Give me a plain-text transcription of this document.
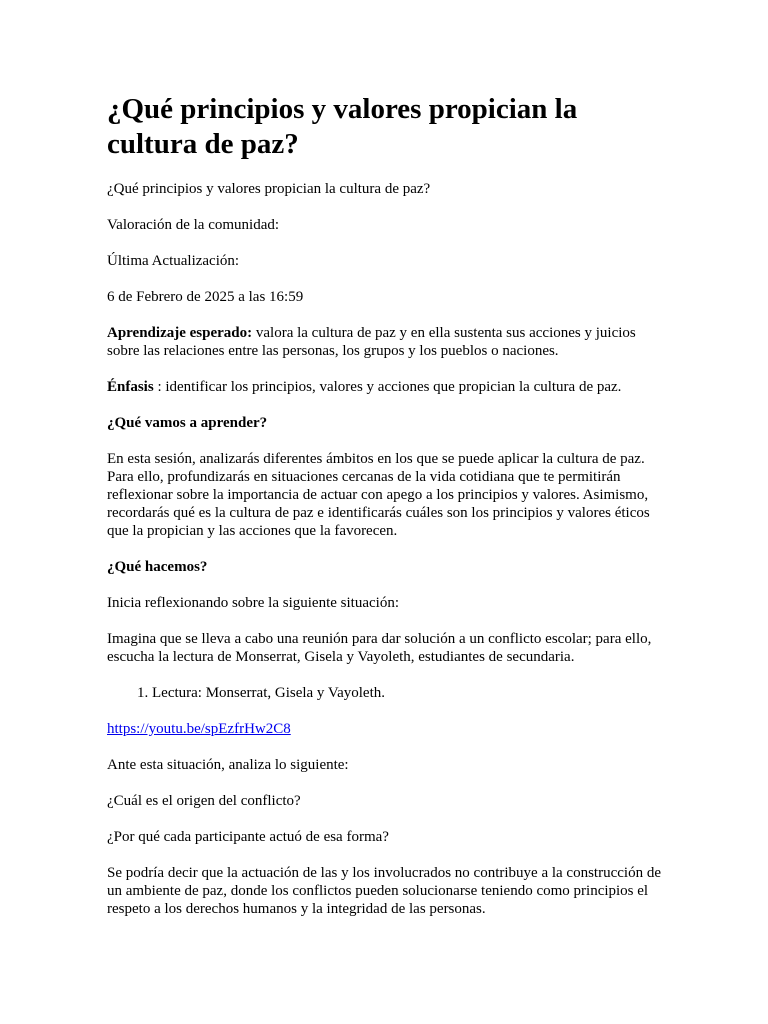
¿Qué principios y valores propician la cultura de paz?

¿Qué principios y valores propician la cultura de paz?

Valoración de la comunidad:

Última Actualización:

6 de Febrero de 2025 a las 16:59

Aprendizaje esperado: valora la cultura de paz y en ella sustenta sus acciones y juicios sobre las relaciones entre las personas, los grupos y los pueblos o naciones.

Énfasis : identificar los principios, valores y acciones que propician la cultura de paz.

¿Qué vamos a aprender?

En esta sesión, analizarás diferentes ámbitos en los que se puede aplicar la cultura de paz. Para ello, profundizarás en situaciones cercanas de la vida cotidiana que te permitirán reflexionar sobre la importancia de actuar con apego a los principios y valores. Asimismo, recordarás qué es la cultura de paz e identificarás cuáles son los principios y valores éticos que la propician y las acciones que la favorecen.

¿Qué hacemos?

Inicia reflexionando sobre la siguiente situación:

Imagina que se lleva a cabo una reunión para dar solución a un conflicto escolar; para ello, escucha la lectura de Monserrat, Gisela y Vayoleth, estudiantes de secundaria.

1. Lectura: Monserrat, Gisela y Vayoleth.

https://youtu.be/spEzfrHw2C8

Ante esta situación, analiza lo siguiente:

¿Cuál es el origen del conflicto?

¿Por qué cada participante actuó de esa forma?

Se podría decir que la actuación de las y los involucrados no contribuye a la construcción de un ambiente de paz, donde los conflictos pueden solucionarse teniendo como principios el respeto a los derechos humanos y la integridad de las personas.
